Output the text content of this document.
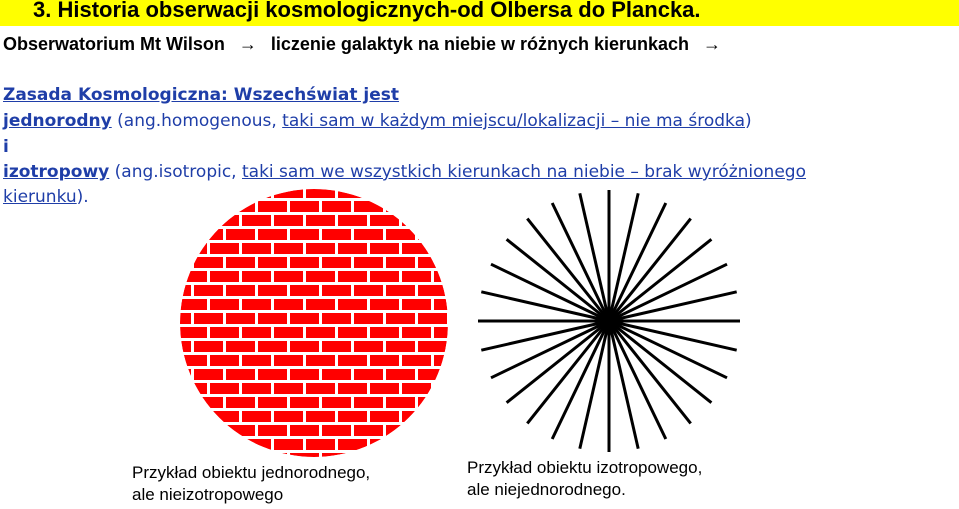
3. Historia obserwacji kosmologicznych-od Olbersa do Plancka.

Obserwatorium Mt Wilson → liczenie galaktyk na niebie w różnych kierunkach →

Zasada Kosmologiczna: Wszechświat jest

jednorodny (ang.homogenous, taki sam w każdym miejscu/lokalizacji – nie ma środka)

i

izotropowy (ang.isotropic, taki sam we wszystkich kierunkach na niebie – brak wyróżnionego

kierunku).

Przykład obiektu jednorodnego,
ale nieizotropowego

Przykład obiektu izotropowego,
ale niejednorodnego.
